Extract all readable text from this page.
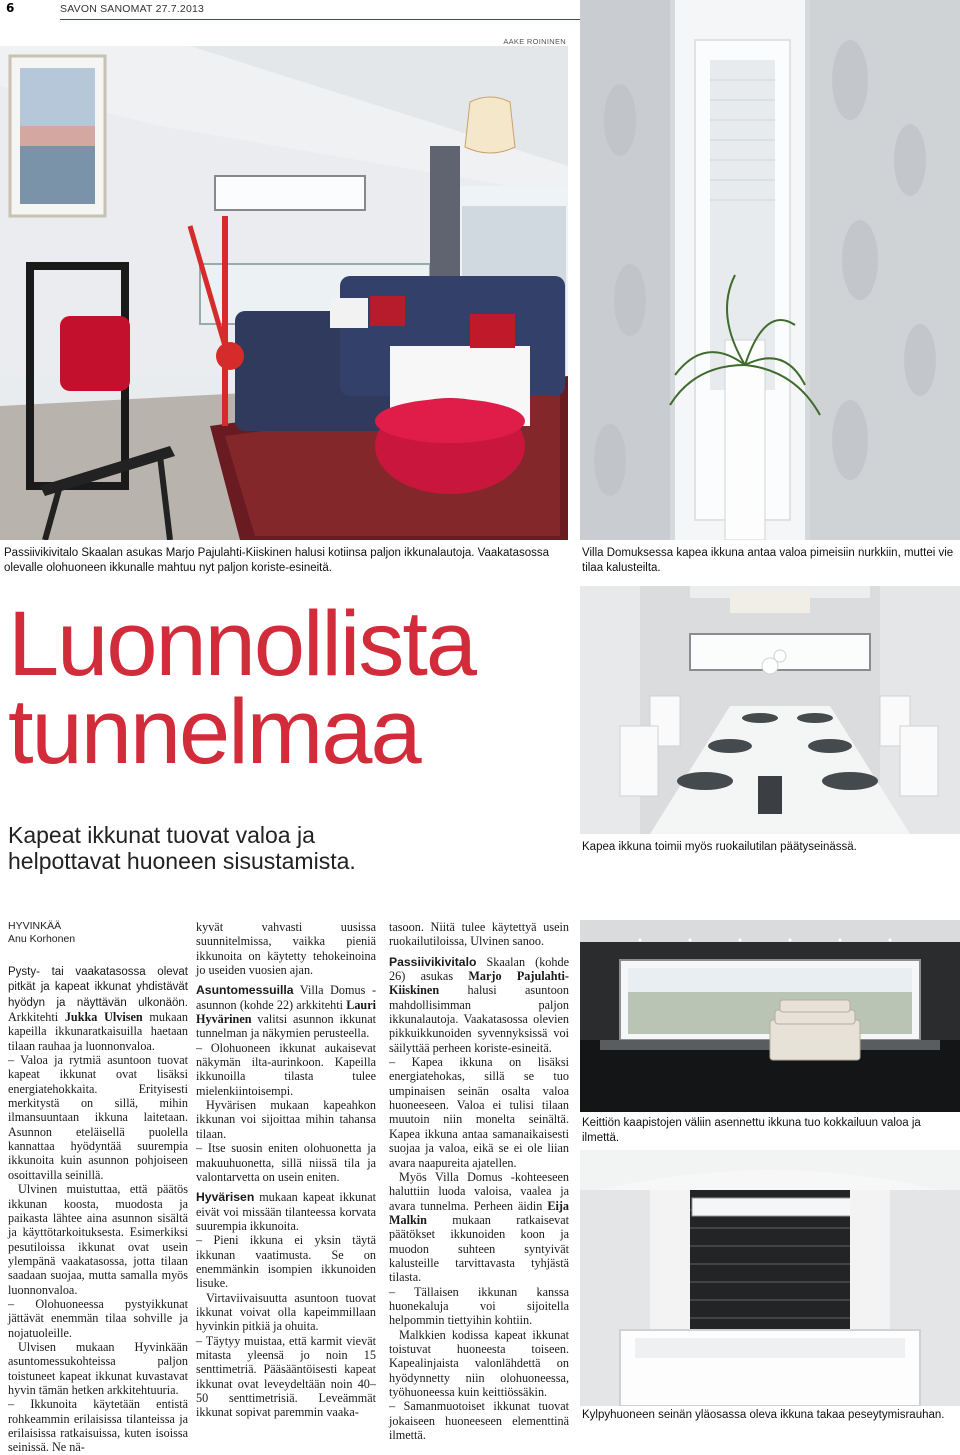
6	SAVON SANOMAT 27.7.2013
AAKE ROININEN
Passiivikivitalo Skaalan asukas Marjo Pajulahti-Kiiskinen halusi kotiinsa paljon ikkunalautoja. Vaakatasossa olevalle olohuoneen ikkunalle mahtuu nyt paljon koriste-esineitä.
Villa Domuksessa kapea ikkuna antaa valoa pimeisiin nurkkiin, muttei vie tilaa kalusteilta.
Luonnollista
tunnelmaa
Kapeat ikkunat tuovat valoa ja helpottavat huoneen sisustamista.
Kapea ikkuna toimii myös ruokailutilan päätyseinässä.
HYVINKÄÄ
Anu Korhonen

Pysty- tai vaakatasossa olevat pitkät ja kapeat ikkunat yhdistävät hyödyn ja näyttävän ulkonäön. Arkkitehti Jukka Ulvisen mukaan kapeilla ikkunaratkaisuilla haetaan tilaan rauhaa ja luonnonvaloa.

– Valoa ja rytmiä asuntoon tuovat kapeat ikkunat ovat lisäksi energiatehokkaita. Erityisesti merkitystä on sillä, mihin ilmansuuntaan ikkuna laitetaan. Asunnon eteläisellä puolella kannattaa hyödyntää suurempia ikkunoita kuin asunnon pohjoiseen osoittavilla seinillä.

Ulvinen muistuttaa, että päätös ikkunan koosta, muodosta ja paikasta lähtee aina asunnon sisältä ja käyttötarkoituksesta. Esimerkiksi pesutiloissa ikkunat ovat usein ylempänä vaakatasossa, jotta tilaan saadaan suojaa, mutta samalla myös luonnonvaloa.

– Olohuoneessa pystyikkunat jättävät enemmän tilaa sohville ja nojatuoleille.

Ulvisen mukaan Hyvinkään asuntomessukohteissa paljon toistuneet kapeat ikkunat kuvastavat hyvin tämän hetken arkkitehtuuria.

– Ikkunoita käytetään entistä rohkeammin erilaisissa tilanteissa ja erilaisissa ratkaisuissa, kuten isoissa seinissä. Ne nä-

kyvät vahvasti uusissa suunnitelmissa, vaikka pieniä ikkunoita on käytetty tehokeinoina jo useiden vuosien ajan.

Asuntomessuilla Villa Domus -asunnon (kohde 22) arkkitehti Lauri Hyvärinen valitsi asunnon ikkunat tunnelman ja näkymien perusteella.

– Olohuoneen ikkunat aukaisevat näkymän ilta-aurinkoon. Kapeilla ikkunoilla tilasta tulee mielenkiintoisempi.

Hyvärisen mukaan kapeahkon ikkunan voi sijoittaa mihin tahansa tilaan.

– Itse suosin eniten olohuonetta ja makuuhuonetta, sillä niissä tila ja valontarvetta on usein eniten.

Hyvärisen mukaan kapeat ikkunat eivät voi missään tilanteessa korvata suurempia ikkunoita.

– Pieni ikkuna ei yksin täytä ikkunan vaatimusta. Se on enemmänkin isompien ikkunoiden lisuke.

Virtaviivaisuutta asuntoon tuovat ikkunat voivat olla kapeimmillaan hyvinkin pitkiä ja ohuita.

– Täytyy muistaa, että karmit vievät mitasta yleensä jo noin 15 senttimetriä. Pääsääntöisesti kapeat ikkunat ovat leveydeltään noin 40–50 senttimetrisiä. Leveämmät ikkunat sopivat paremmin vaaka-

tasoon. Niitä tulee käytettyä usein ruokailutiloissa, Ulvinen sanoo.

Passiivikivitalo Skaalan (kohde 26) asukas Marjo Pajulahti-Kiiskinen halusi asuntoon mahdollisimman paljon ikkunalautoja. Vaakatasossa olevien pikkuikkunoiden syvennyksissä voi säilyttää perheen koriste-esineitä.

– Kapea ikkuna on lisäksi energiatehokas, sillä se tuo umpinaisen seinän osalta valoa huoneeseen. Valoa ei tulisi tilaan muutoin niin monelta seinältä. Kapea ikkuna antaa samanaikaisesti suojaa ja valoa, eikä se ei ole liian avara naapureita ajatellen.

Myös Villa Domus -kohteeseen haluttiin luoda valoisa, vaalea ja avara tunnelma. Perheen äidin Eija Malkin mukaan ratkaisevat päätökset ikkunoiden koon ja muodon suhteen syntyivät kalusteille tarvittavasta tyhjästä tilasta.

– Tällaisen ikkunan kanssa huonekaluja voi sijoitella helpommin tiettyihin kohtiin.

Malkkien kodissa kapeat ikkunat toistuvat huoneesta toiseen. Kapealinjaista valonlähdettä on hyödynnetty niin olohuoneessa, työhuoneessa kuin keittiössäkin.

– Samanmuotoiset ikkunat tuovat jokaiseen huoneeseen elementtinä ilmettä.

Keittiön kaapistojen väliin asennettu ikkuna tuo kokkailuun valoa ja ilmettä.
Kylpyhuoneen seinän yläosassa oleva ikkuna takaa peseytymisrauhan.
